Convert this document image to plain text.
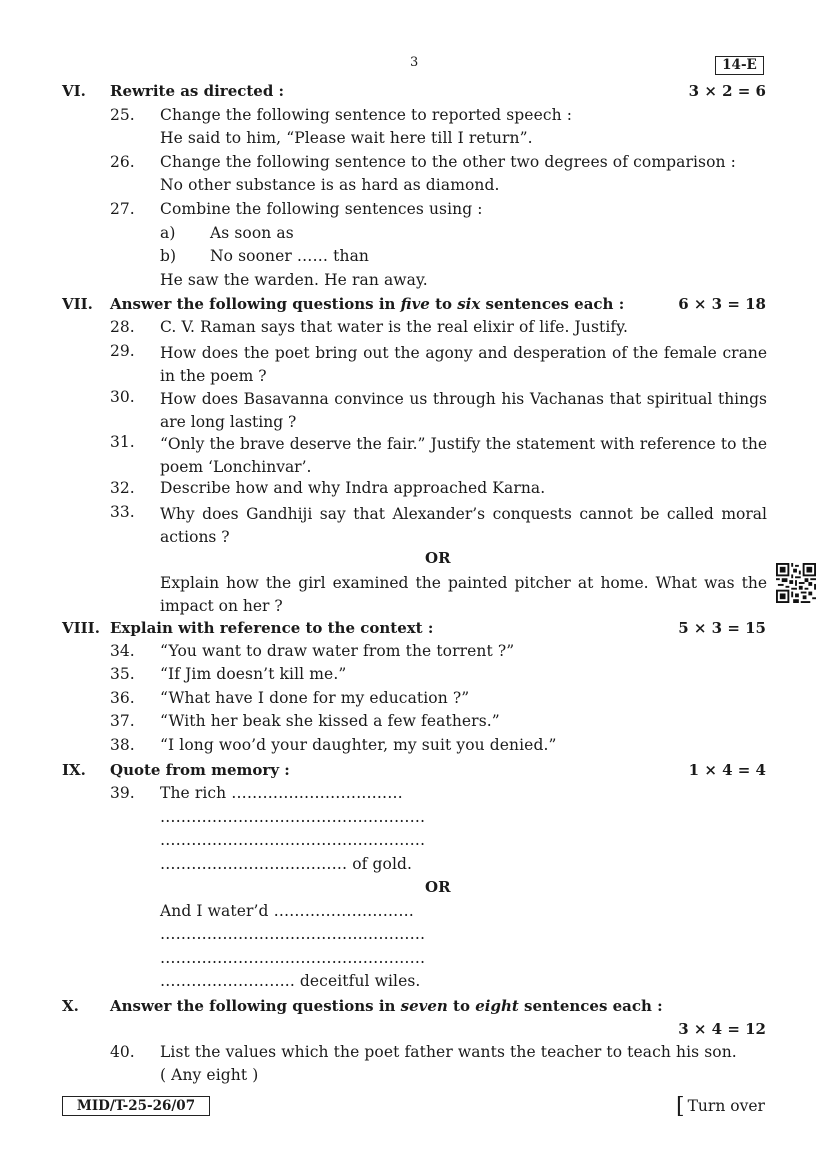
3	14-E
VI. Rewrite as directed :	3 × 2 = 6
25. Change the following sentence to reported speech :
He said to him, “Please wait here till I return”.
26. Change the following sentence to the other two degrees of comparison :
No other substance is as hard as diamond.
27. Combine the following sentences using :
a) As soon as
b) No sooner …… than
He saw the warden. He ran away.
VII. Answer the following questions in five to six sentences each :	6 × 3 = 18
28. C. V. Raman says that water is the real elixir of life. Justify.
29. How does the poet bring out the agony and desperation of the female crane in the poem ?
30. How does Basavanna convince us through his Vachanas that spiritual things are long lasting ?
31. “Only the brave deserve the fair.” Justify the statement with reference to the poem ‘Lonchinvar’.
32. Describe how and why Indra approached Karna.
33. Why does Gandhiji say that Alexander’s conquests cannot be called moral actions ?
OR
Explain how the girl examined the painted pitcher at home. What was the impact on her ?
VIII. Explain with reference to the context :	5 × 3 = 15
34. “You want to draw water from the torrent ?”
35. “If Jim doesn’t kill me.”
36. “What have I done for my education ?”
37. “With her beak she kissed a few feathers.”
38. “I long woo’d your daughter, my suit you denied.”
IX. Quote from memory :	1 × 4 = 4
39. The rich ……………………………
……………………………………………
……………………………………………
……………………………… of gold.
OR
And I water’d ………………………
……………………………………………
……………………………………………
…………………….. deceitful wiles.
X. Answer the following questions in seven to eight sentences each :
3 × 4 = 12
40. List the values which the poet father wants the teacher to teach his son.
( Any eight )
MID/T-25-26/07	[ Turn over
